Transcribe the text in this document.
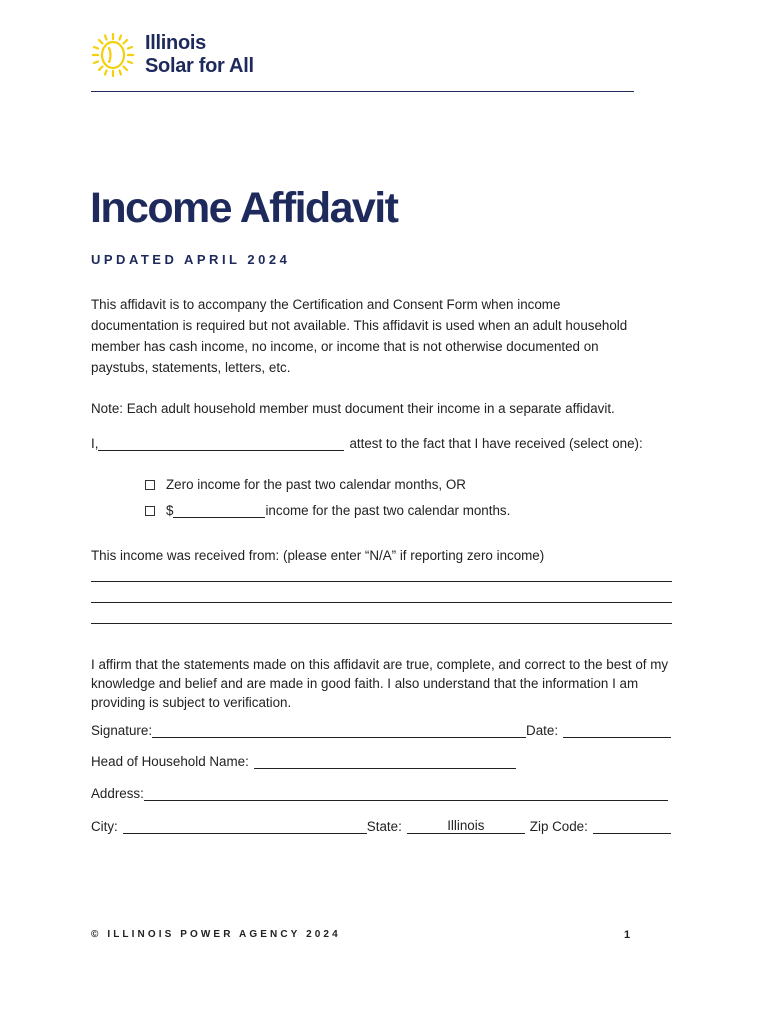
Illinois
Solar for All
Income Affidavit
UPDATED APRIL 2024

This affidavit is to accompany the Certification and Consent Form when income documentation is required but not available. This affidavit is used when an adult household member has cash income, no income, or income that is not otherwise documented on paystubs, statements, letters, etc.

Note: Each adult household member must document their income in a separate affidavit.

I,	attest to the fact that I have received (select one):
Zero income for the past two calendar months, OR
$	income for the past two calendar months.

This income was received from: (please enter “N/A” if reporting zero income)

I affirm that the statements made on this affidavit are true, complete, and correct to the best of my knowledge and belief and are made in good faith. I also understand that the information I am providing is subject to verification.

Signature:	Date:
Head of Household Name:
Address:
City:	State:	Illinois	Zip Code:
© ILLINOIS POWER AGENCY 2024	1
